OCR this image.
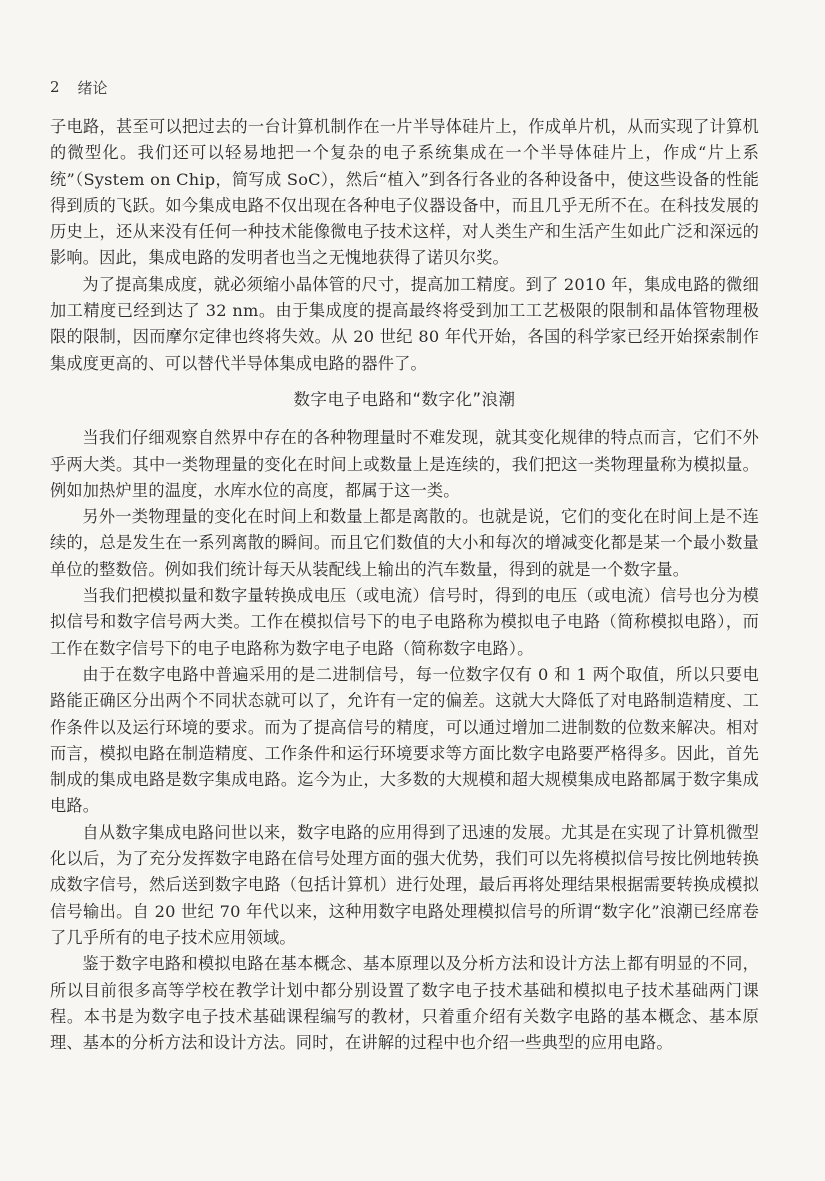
2 绪论

子电路，甚至可以把过去的一台计算机制作在一片半导体硅片上，作成单片机，从而实现了计算机的微型化。我们还可以轻易地把一个复杂的电子系统集成在一个半导体硅片上，作成“片上系统”（System on Chip，简写成 SoC），然后“植入”到各行各业的各种设备中，使这些设备的性能得到质的飞跃。如今集成电路不仅出现在各种电子仪器设备中，而且几乎无所不在。在科技发展的历史上，还从来没有任何一种技术能像微电子技术这样，对人类生产和生活产生如此广泛和深远的影响。因此，集成电路的发明者也当之无愧地获得了诺贝尔奖。

为了提高集成度，就必须缩小晶体管的尺寸，提高加工精度。到了 2010 年，集成电路的微细加工精度已经到达了 32 nm。由于集成度的提高最终将受到加工工艺极限的限制和晶体管物理极限的限制，因而摩尔定律也终将失效。从 20 世纪 80 年代开始，各国的科学家已经开始探索制作集成度更高的、可以替代半导体集成电路的器件了。

数字电子电路和“数字化”浪潮

当我们仔细观察自然界中存在的各种物理量时不难发现，就其变化规律的特点而言，它们不外乎两大类。其中一类物理量的变化在时间上或数量上是连续的，我们把这一类物理量称为模拟量。例如加热炉里的温度，水库水位的高度，都属于这一类。

另外一类物理量的变化在时间上和数量上都是离散的。也就是说，它们的变化在时间上是不连续的，总是发生在一系列离散的瞬间。而且它们数值的大小和每次的增减变化都是某一个最小数量单位的整数倍。例如我们统计每天从装配线上输出的汽车数量，得到的就是一个数字量。

当我们把模拟量和数字量转换成电压（或电流）信号时，得到的电压（或电流）信号也分为模拟信号和数字信号两大类。工作在模拟信号下的电子电路称为模拟电子电路（简称模拟电路），而工作在数字信号下的电子电路称为数字电子电路（简称数字电路）。

由于在数字电路中普遍采用的是二进制信号，每一位数字仅有 0 和 1 两个取值，所以只要电路能正确区分出两个不同状态就可以了，允许有一定的偏差。这就大大降低了对电路制造精度、工作条件以及运行环境的要求。而为了提高信号的精度，可以通过增加二进制数的位数来解决。相对而言，模拟电路在制造精度、工作条件和运行环境要求等方面比数字电路要严格得多。因此，首先制成的集成电路是数字集成电路。迄今为止，大多数的大规模和超大规模集成电路都属于数字集成电路。

自从数字集成电路问世以来，数字电路的应用得到了迅速的发展。尤其是在实现了计算机微型化以后，为了充分发挥数字电路在信号处理方面的强大优势，我们可以先将模拟信号按比例地转换成数字信号，然后送到数字电路（包括计算机）进行处理，最后再将处理结果根据需要转换成模拟信号输出。自 20 世纪 70 年代以来，这种用数字电路处理模拟信号的所谓“数字化”浪潮已经席卷了几乎所有的电子技术应用领域。

鉴于数字电路和模拟电路在基本概念、基本原理以及分析方法和设计方法上都有明显的不同，所以目前很多高等学校在教学计划中都分别设置了数字电子技术基础和模拟电子技术基础两门课程。本书是为数字电子技术基础课程编写的教材，只着重介绍有关数字电路的基本概念、基本原理、基本的分析方法和设计方法。同时，在讲解的过程中也介绍一些典型的应用电路。
